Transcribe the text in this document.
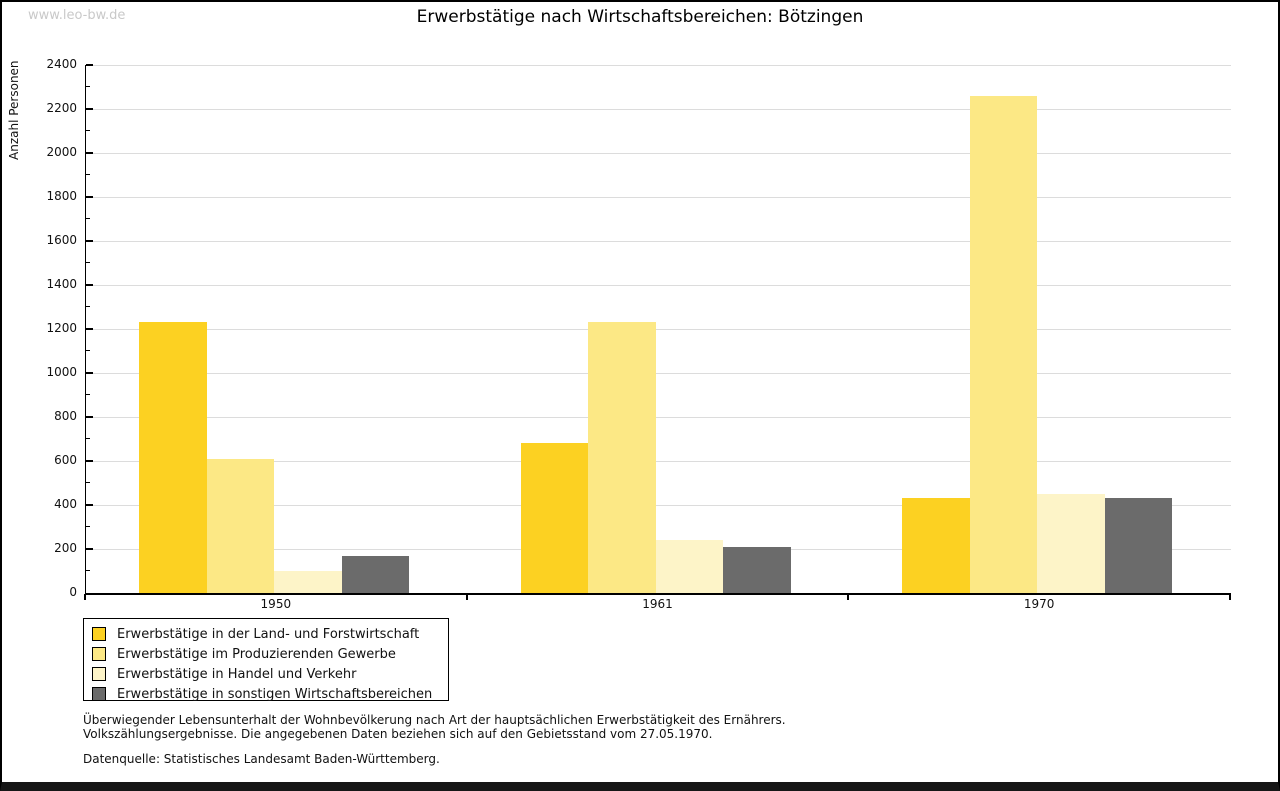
www.leo-bw.de	Erwerbstätige nach Wirtschaftsbereichen: Bötzingen
Anzahl Personen
0
200
400
600
800
1000
1200
1400
1600
1800
2000
2200
2400
1950	1961	1970
Erwerbstätige in der Land- und Forstwirtschaft
Erwerbstätige im Produzierenden Gewerbe
Erwerbstätige in Handel und Verkehr
Erwerbstätige in sonstigen Wirtschaftsbereichen
Überwiegender Lebensunterhalt der Wohnbevölkerung nach Art der hauptsächlichen Erwerbstätigkeit des Ernährers.
Volkszählungsergebnisse. Die angegebenen Daten beziehen sich auf den Gebietsstand vom 27.05.1970.
Datenquelle: Statistisches Landesamt Baden-Württemberg.
